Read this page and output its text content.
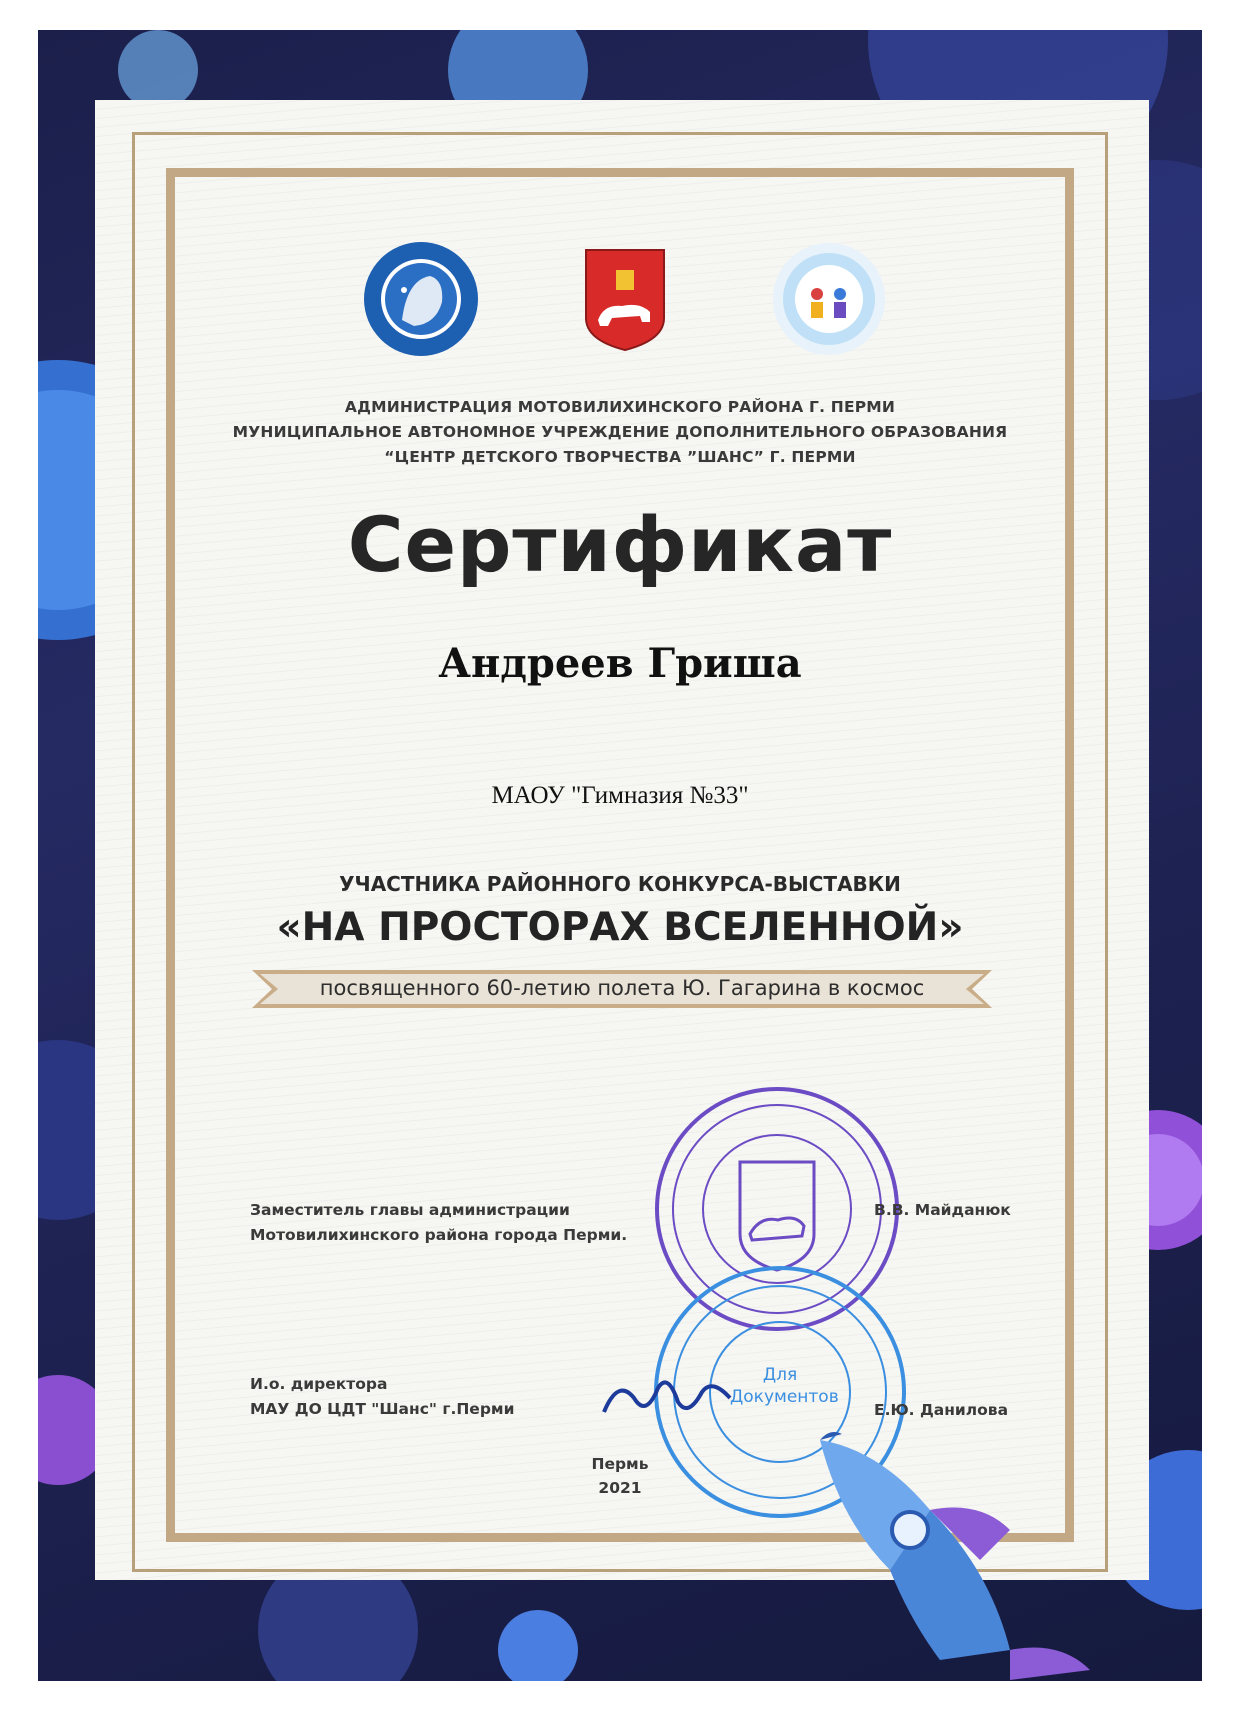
АДМИНИСТРАЦИЯ МОТОВИЛИХИНСКОГО РАЙОНА Г. ПЕРМИ
МУНИЦИПАЛЬНОЕ АВТОНОМНОЕ УЧРЕЖДЕНИЕ ДОПОЛНИТЕЛЬНОГО ОБРАЗОВАНИЯ
“ЦЕНТР ДЕТСКОГО ТВОРЧЕСТВА ”ШАНС” Г. ПЕРМИ
Сертификат
Андреев Гриша
МАОУ "Гимназия №33"
УЧАСТНИКА РАЙОННОГО КОНКУРСА-ВЫСТАВКИ
«НА ПРОСТОРАХ ВСЕЛЕННОЙ»
посвященного 60-летию полета Ю. Гагарина в космос
Для Документов
Заместитель главы администрации
Мотовилихинского района города Перми.
В.В. Майданюк
И.о. директора
МАУ ДО ЦДТ "Шанс" г.Перми	Е.Ю. Данилова
Пермь
2021
